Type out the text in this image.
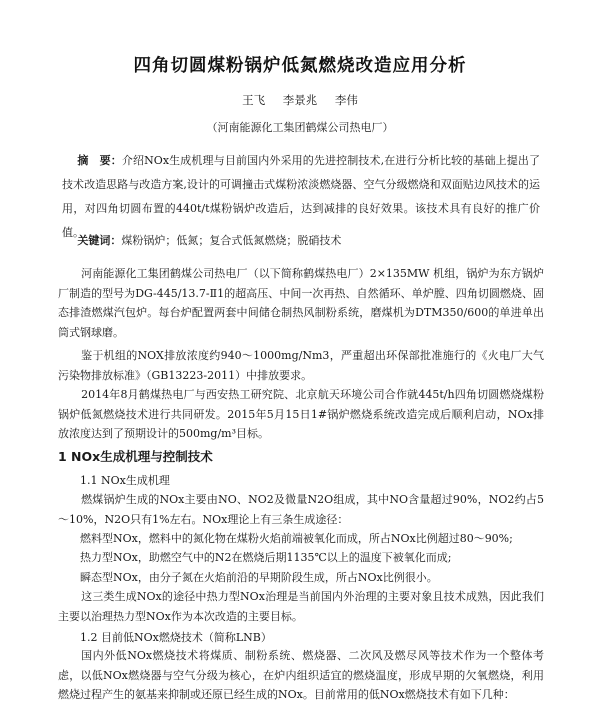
四角切圆煤粉锅炉低氮燃烧改造应用分析
王飞 李景兆 李伟
（河南能源化工集团鹤煤公司热电厂）
摘　要：介绍NOx生成机理与目前国内外采用的先进控制技术,在进行分析比较的基础上提出了技术改造思路与改造方案,设计的可调撞击式煤粉浓淡燃烧器、空气分级燃烧和双面贴边风技术的运用，对四角切圆布置的440t/t煤粉锅炉改造后，达到减排的良好效果。该技术具有良好的推广价值。
关键词：煤粉锅炉；低氮；复合式低氮燃烧；脱硝技术
河南能源化工集团鹤煤公司热电厂（以下简称鹤煤热电厂）2×135MW 机组，锅炉为东方锅炉厂制造的型号为DG-445/13.7-Ⅱ1的超高压、中间一次再热、自然循环、单炉膛、四角切圆燃烧、固态排渣燃煤汽包炉。每台炉配置两套中间储仓制热风制粉系统，磨煤机为DTM350/600的单进单出筒式钢球磨。
鉴于机组的NOX排放浓度约940～1000mg/Nm3，严重超出环保部批准施行的《火电厂大气污染物排放标准》（GB13223-2011）中排放要求。
2014年8月鹤煤热电厂与西安热工研究院、北京航天环境公司合作就445t/h四角切圆燃烧煤粉锅炉低氮燃烧技术进行共同研发。2015年5月15日1#锅炉燃烧系统改造完成后顺利启动，NOx排放浓度达到了预期设计的500mg/m³目标。
1 NOx生成机理与控制技术
1.1 NOx生成机理
燃煤锅炉生成的NOx主要由NO、NO2及微量N2O组成，其中NO含量超过90%，NO2约占5～10%，N2O只有1%左右。NOx理论上有三条生成途径：
燃料型NOx，燃料中的氮化物在煤粉火焰前端被氧化而成，所占NOx比例超过80～90%;
热力型NOx，助燃空气中的N2在燃烧后期1135℃以上的温度下被氧化而成;
瞬态型NOx，由分子氮在火焰前沿的早期阶段生成，所占NOx比例很小。
这三类生成NOx的途径中热力型NOx治理是当前国内外治理的主要对象且技术成熟，因此我们主要以治理热力型NOx作为本次改造的主要目标。
1.2 目前低NOx燃烧技术（简称LNB）
国内外低NOx燃烧技术将煤质、制粉系统、燃烧器、二次风及燃尽风等技术作为一个整体考虑，以低NOx燃烧器与空气分级为核心，在炉内组织适宜的燃烧温度，形成早期的欠氧燃烧，利用燃烧过程产生的氨基来抑制或还原已经生成的NOx。目前常用的低NOx燃烧技术有如下几种：
